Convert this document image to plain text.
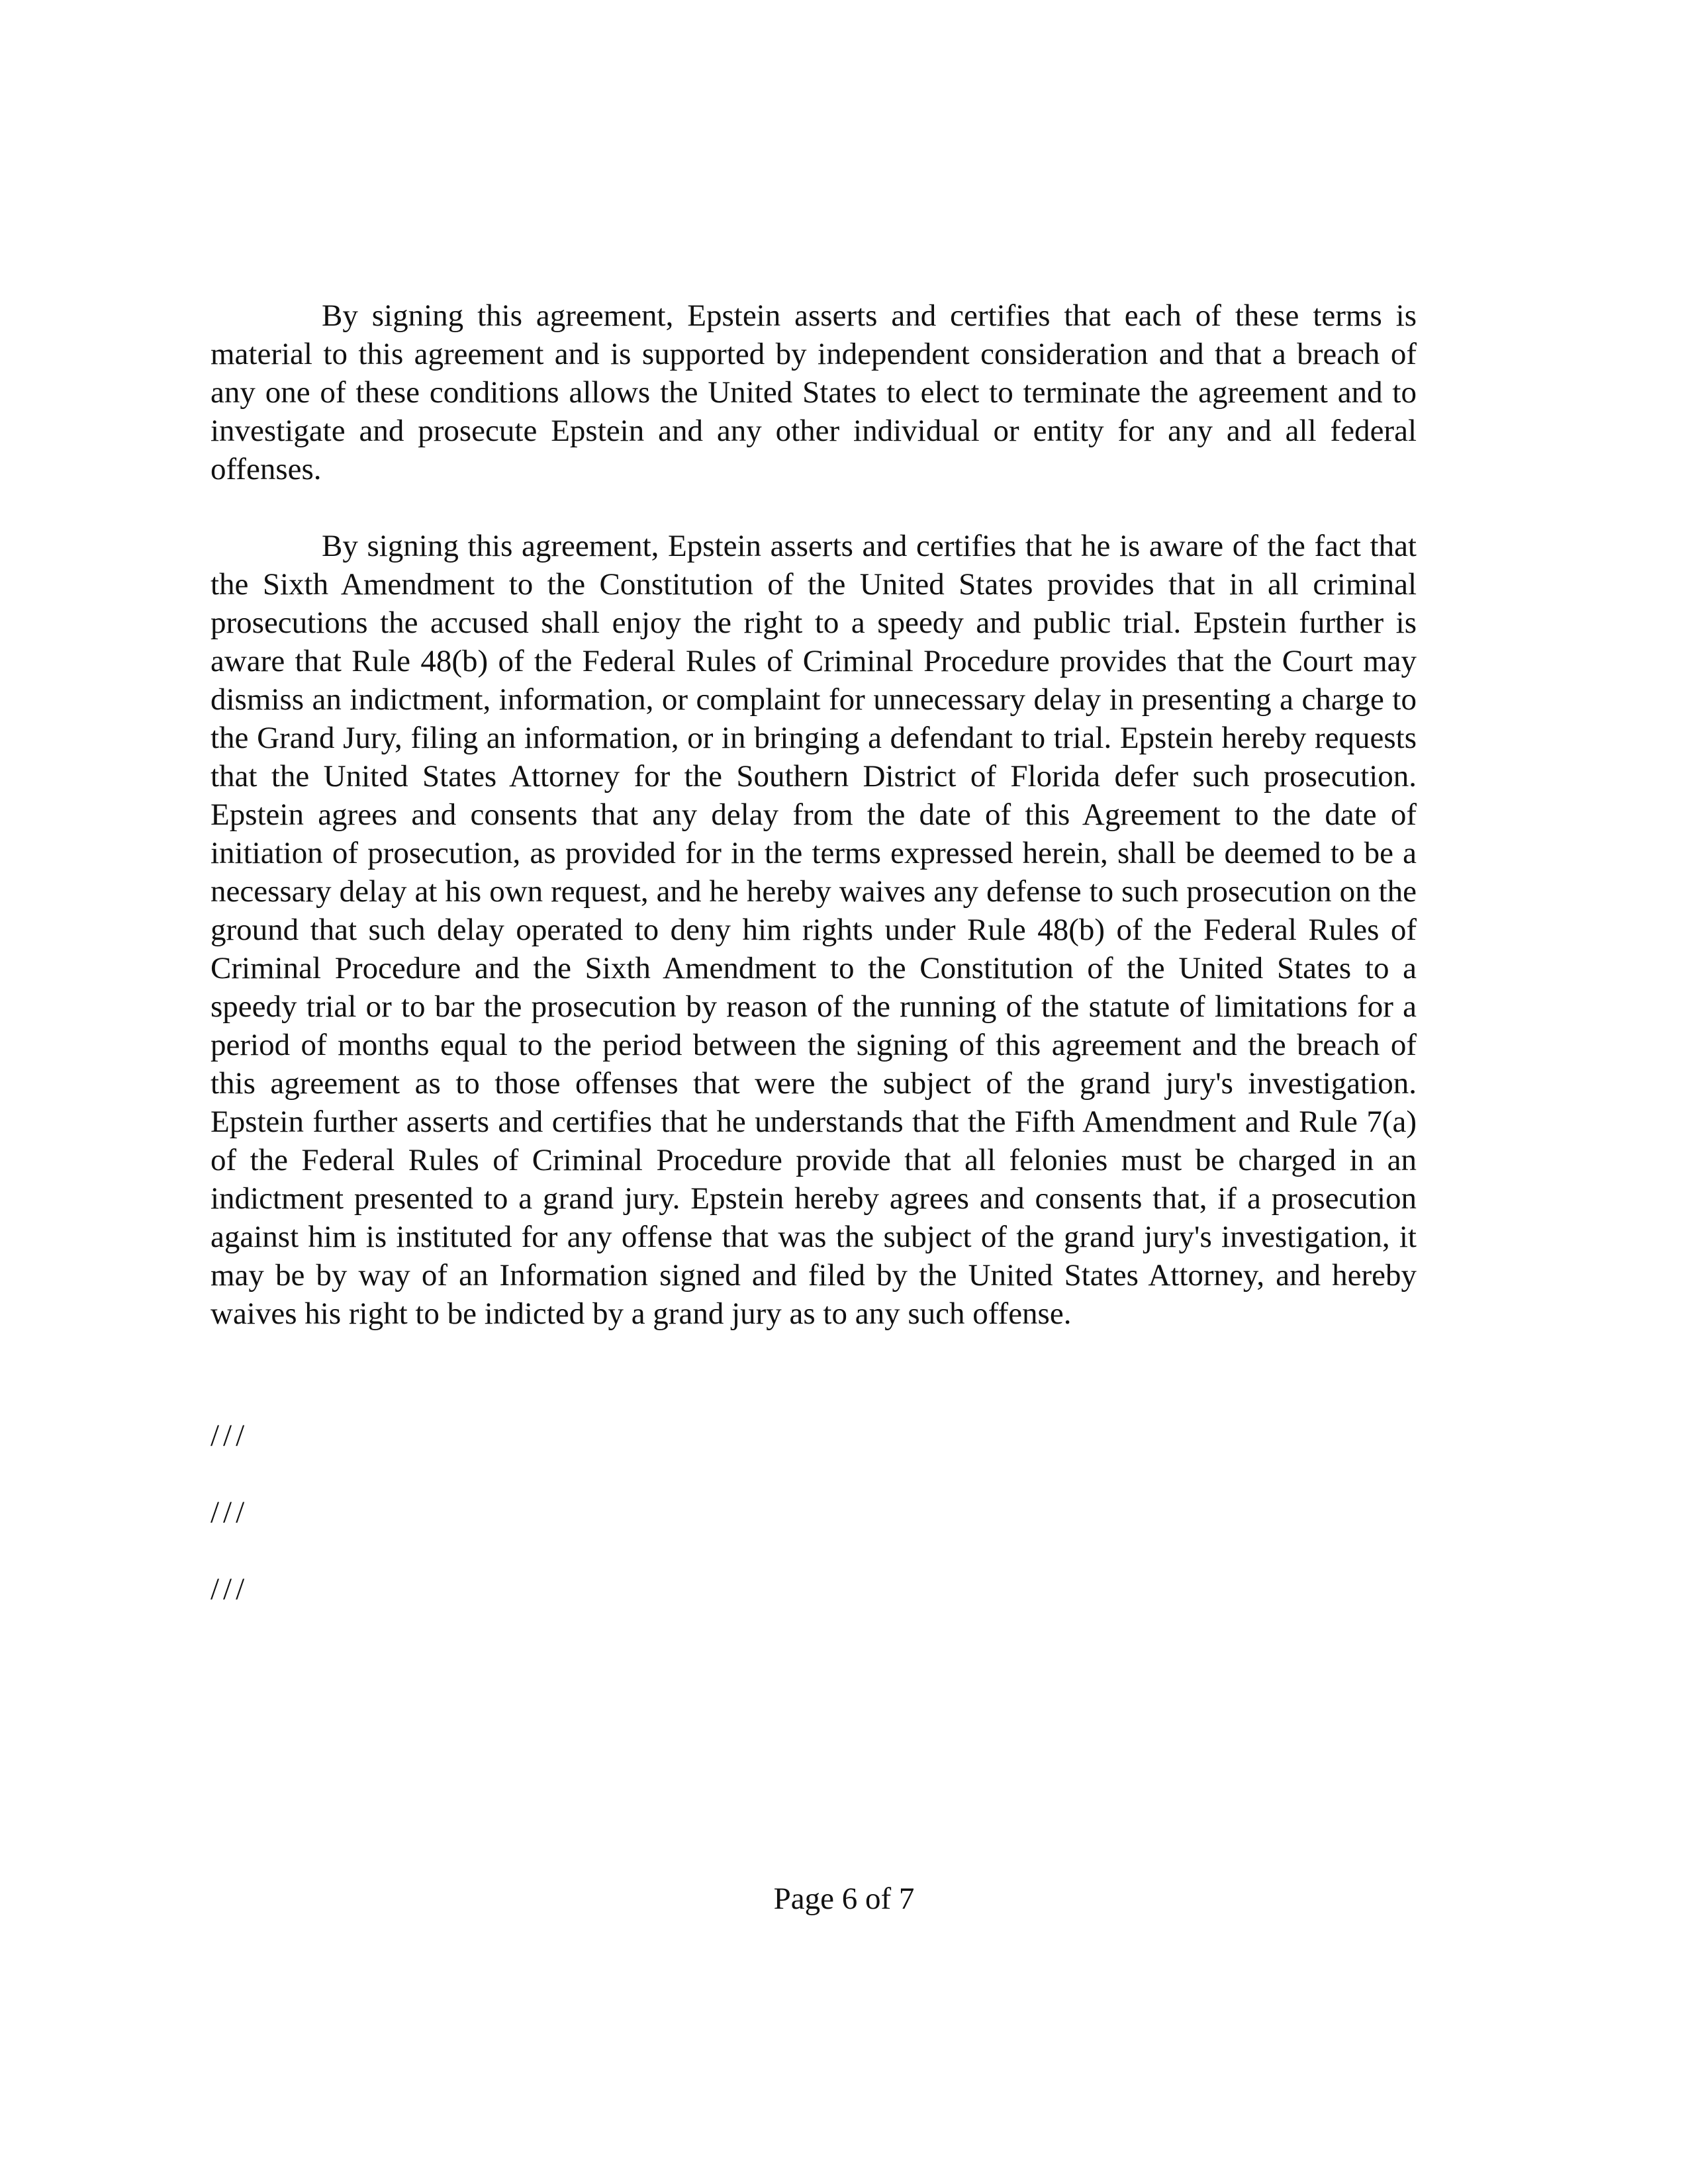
By signing this agreement, Epstein asserts and certifies that each of these terms is material to this agreement and is supported by independent consideration and that a breach of any one of these conditions allows the United States to elect to terminate the agreement and to investigate and prosecute Epstein and any other individual or entity for any and all federal offenses.

By signing this agreement, Epstein asserts and certifies that he is aware of the fact that the Sixth Amendment to the Constitution of the United States provides that in all criminal prosecutions the accused shall enjoy the right to a speedy and public trial. Epstein further is aware that Rule 48(b) of the Federal Rules of Criminal Procedure provides that the Court may dismiss an indictment, information, or complaint for unnecessary delay in presenting a charge to the Grand Jury, filing an information, or in bringing a defendant to trial. Epstein hereby requests that the United States Attorney for the Southern District of Florida defer such prosecution. Epstein agrees and consents that any delay from the date of this Agreement to the date of initiation of prosecution, as provided for in the terms expressed herein, shall be deemed to be a necessary delay at his own request, and he hereby waives any defense to such prosecution on the ground that such delay operated to deny him rights under Rule 48(b) of the Federal Rules of Criminal Procedure and the Sixth Amendment to the Constitution of the United States to a speedy trial or to bar the prosecution by reason of the running of the statute of limitations for a period of months equal to the period between the signing of this agreement and the breach of this agreement as to those offenses that were the subject of the grand jury's investigation. Epstein further asserts and certifies that he understands that the Fifth Amendment and Rule 7(a) of the Federal Rules of Criminal Procedure provide that all felonies must be charged in an indictment presented to a grand jury. Epstein hereby agrees and consents that, if a prosecution against him is instituted for any offense that was the subject of the grand jury's investigation, it may be by way of an Information signed and filed by the United States Attorney, and hereby waives his right to be indicted by a grand jury as to any such offense.

///
///
///
Page 6 of 7
